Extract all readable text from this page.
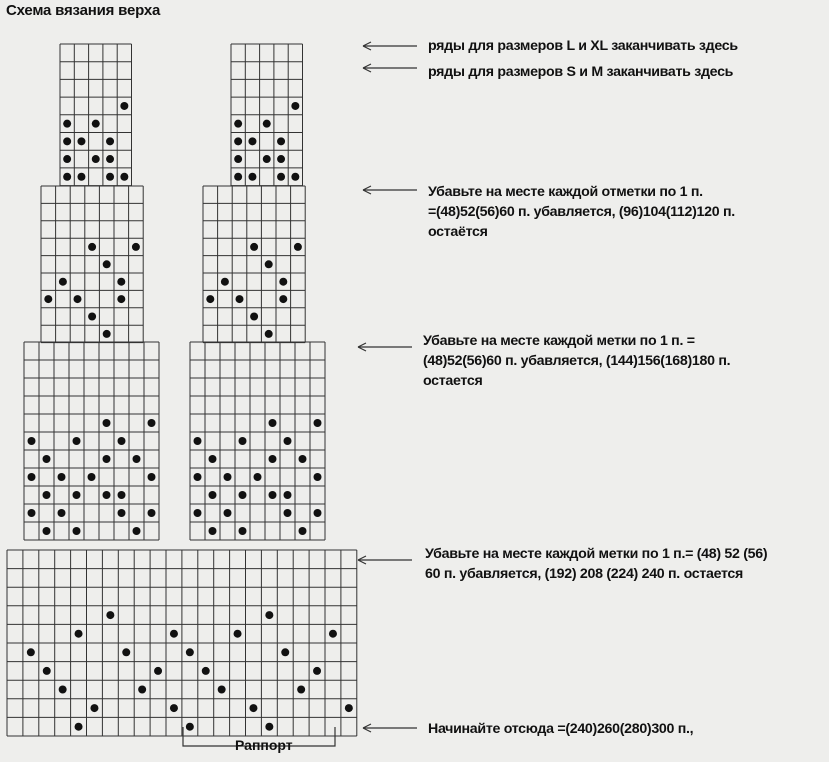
Схема вязания верха
ряды для размеров L и XL заканчивать здесь
ряды для размеров S и M заканчивать здесь
Убавьте на месте каждой отметки по 1 п.
=(48)52(56)60 п. убавляется, (96)104(112)120 п.
остаётся
Убавьте на месте каждой метки по 1 п. =
(48)52(56)60 п. убавляется, (144)156(168)180 п.
остается
Убавьте на месте каждой метки по 1 п.= (48) 52 (56)
60 п. убавляется, (192) 208 (224) 240 п. остается
Начинайте отсюда =(240)260(280)300 п.,
Раппорт
